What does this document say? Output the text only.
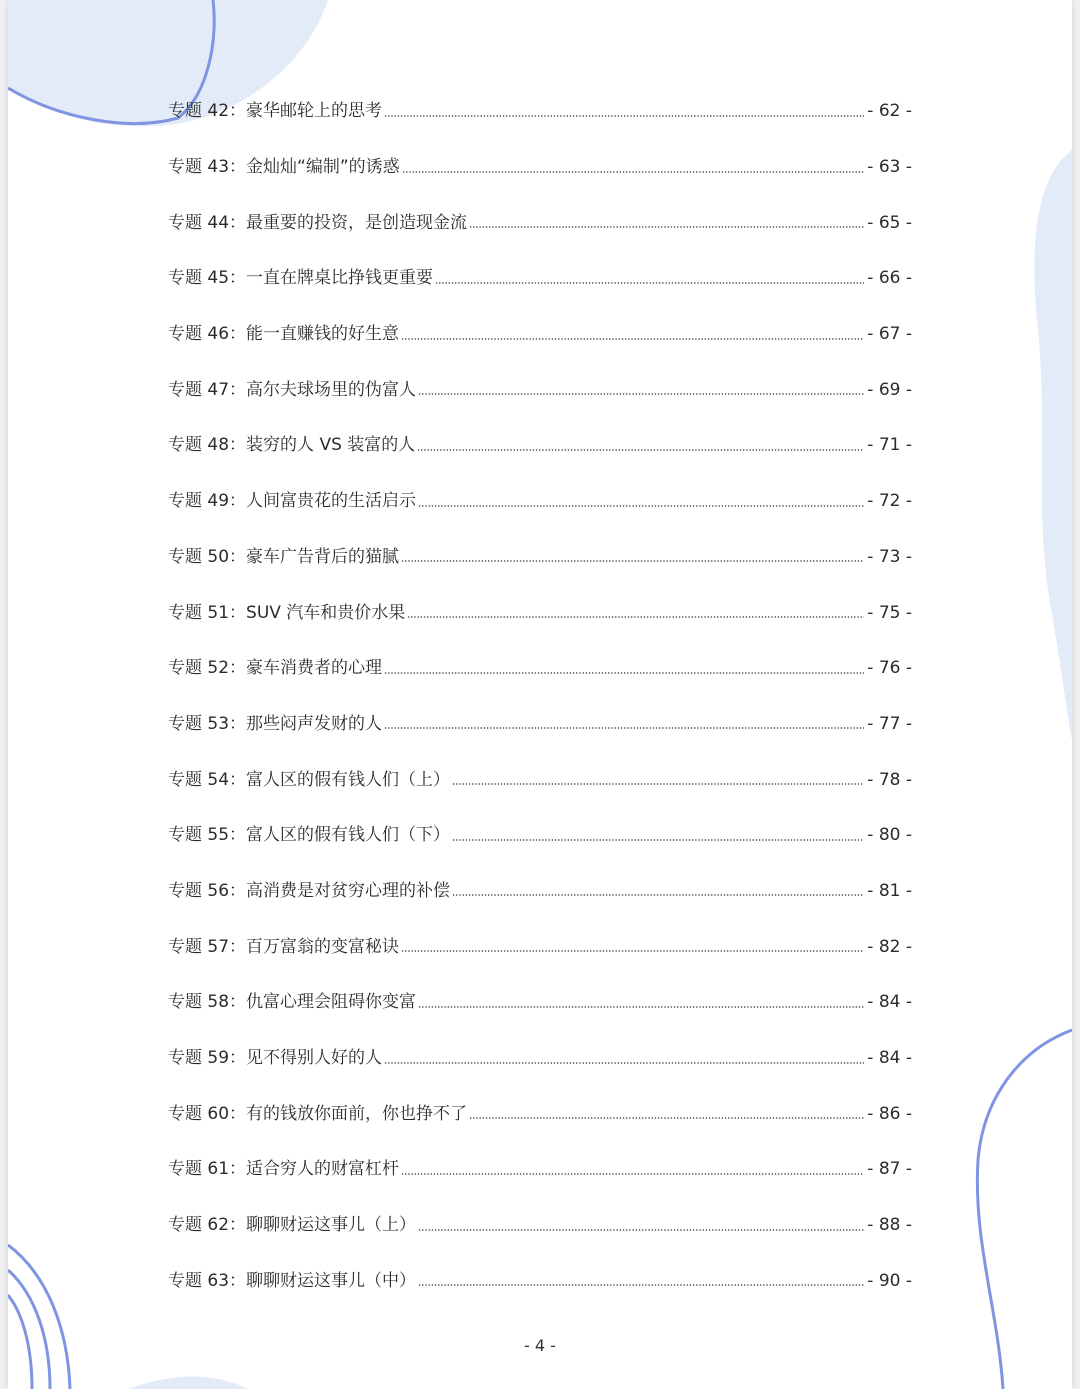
专题 42：豪华邮轮上的思考	- 62 -
专题 43：金灿灿“编制”的诱惑	- 63 -
专题 44：最重要的投资，是创造现金流	- 65 -
专题 45：一直在牌桌比挣钱更重要	- 66 -
专题 46：能一直赚钱的好生意	- 67 -
专题 47：高尔夫球场里的伪富人	- 69 -
专题 48：装穷的人 VS 装富的人	- 71 -
专题 49：人间富贵花的生活启示	- 72 -
专题 50：豪车广告背后的猫腻	- 73 -
专题 51：SUV 汽车和贵价水果	- 75 -
专题 52：豪车消费者的心理	- 76 -
专题 53：那些闷声发财的人	- 77 -
专题 54：富人区的假有钱人们（上）	- 78 -
专题 55：富人区的假有钱人们（下）	- 80 -
专题 56：高消费是对贫穷心理的补偿	- 81 -
专题 57：百万富翁的变富秘诀	- 82 -
专题 58：仇富心理会阻碍你变富	- 84 -
专题 59：见不得别人好的人	- 84 -
专题 60：有的钱放你面前，你也挣不了	- 86 -
专题 61：适合穷人的财富杠杆	- 87 -
专题 62：聊聊财运这事儿（上）	- 88 -
专题 63：聊聊财运这事儿（中）	- 90 -
- 4 -
